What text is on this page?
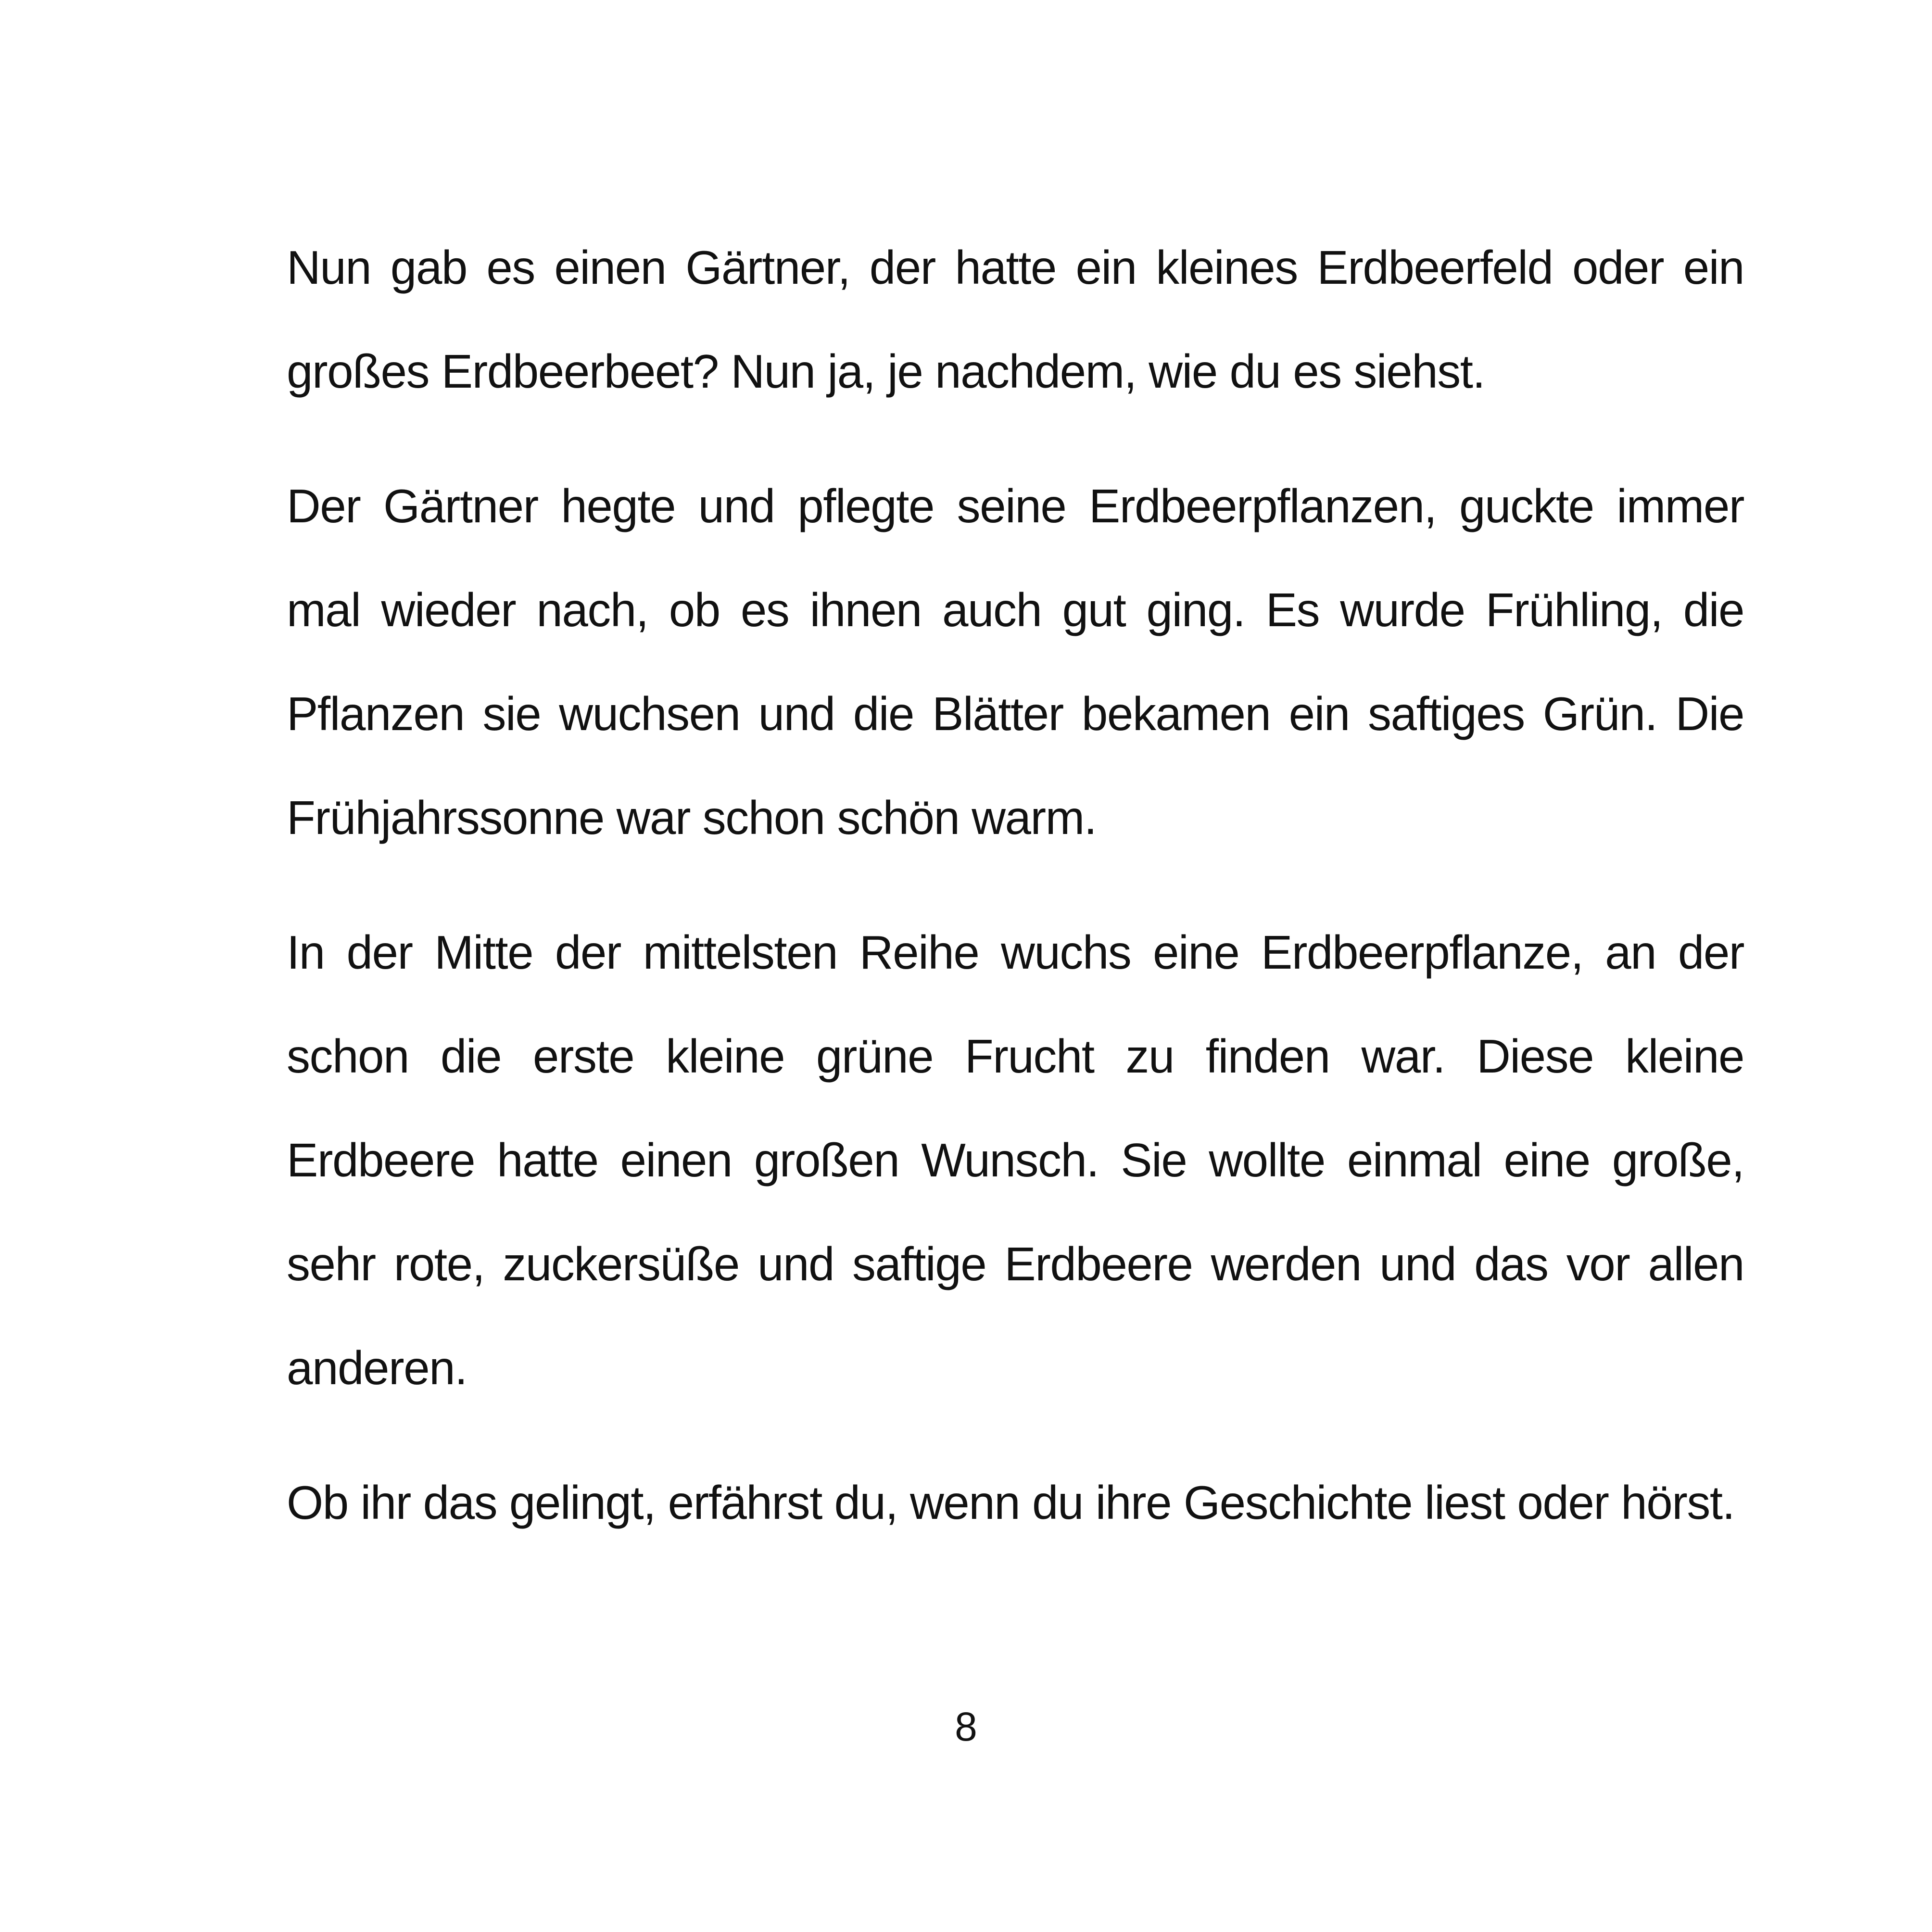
Nun gab es einen Gärtner, der hatte ein kleines Erdbeerfeld oder ein großes Erdbeerbeet? Nun ja, je nachdem, wie du es siehst.

Der Gärtner hegte und pflegte seine Erdbeerpflanzen, guckte immer mal wieder nach, ob es ihnen auch gut ging. Es wurde Frühling, die Pflanzen sie wuchsen und die Blätter bekamen ein saftiges Grün. Die Frühjahrssonne war schon schön warm.

In der Mitte der mittelsten Reihe wuchs eine Erdbeerpflanze, an der schon die erste kleine grüne Frucht zu finden war. Diese kleine Erdbeere hatte einen großen Wunsch. Sie wollte einmal eine große, sehr rote, zuckersüße und saftige Erdbeere werden und das vor allen anderen.

Ob ihr das gelingt, erfährst du, wenn du ihre Geschichte liest oder hörst.

8
